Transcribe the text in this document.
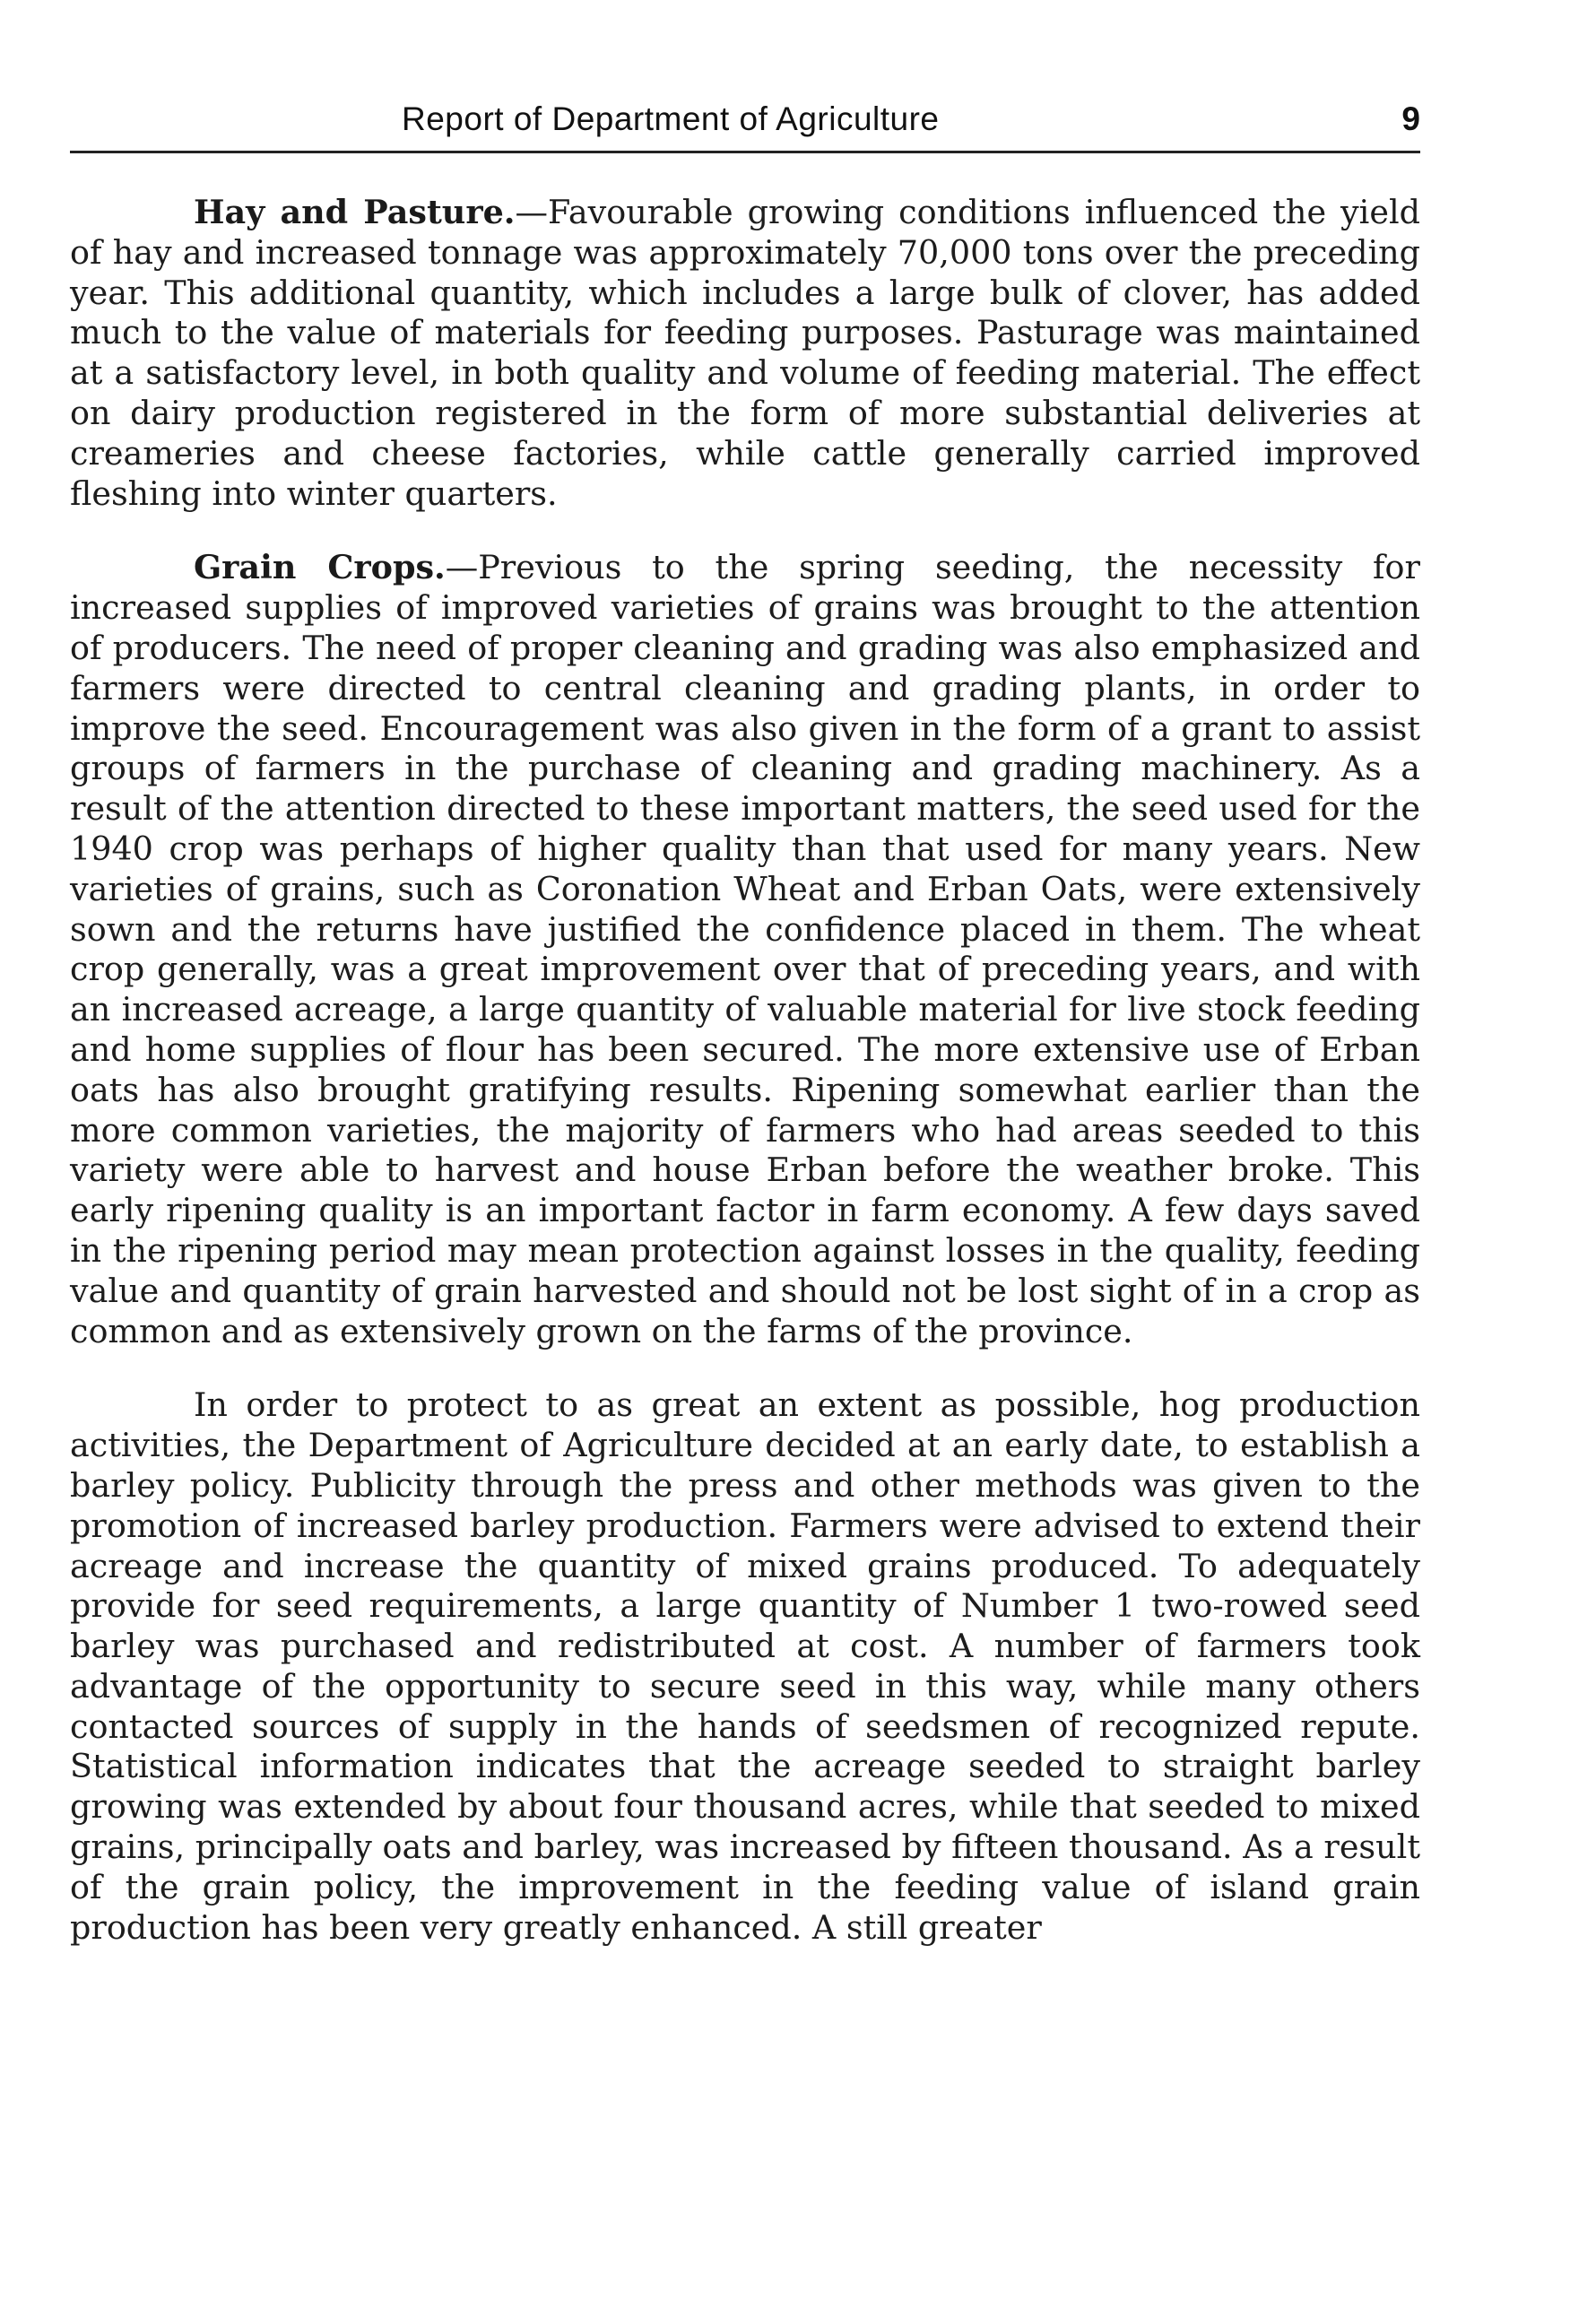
Report of Department of Agriculture	9

Hay and Pasture.—Favourable growing conditions influenced the yield of hay and increased tonnage was approximately 70,000 tons over the preceding year. This additional quantity, which includes a large bulk of clover, has added much to the value of materials for feeding purposes. Pasturage was maintained at a satisfactory level, in both quality and volume of feeding material. The effect on dairy production registered in the form of more substantial deliveries at creameries and cheese factories, while cattle generally carried improved fleshing into winter quarters.

Grain Crops.—Previous to the spring seeding, the necessity for increased supplies of improved varieties of grains was brought to the attention of producers. The need of proper cleaning and grading was also emphasized and farmers were directed to central cleaning and grading plants, in order to improve the seed. Encouragement was also given in the form of a grant to assist groups of farmers in the purchase of cleaning and grading machinery. As a result of the attention directed to these important matters, the seed used for the 1940 crop was perhaps of higher quality than that used for many years. New varieties of grains, such as Coronation Wheat and Erban Oats, were extensively sown and the returns have justified the confidence placed in them. The wheat crop generally, was a great improvement over that of preceding years, and with an increased acreage, a large quantity of valuable material for live stock feeding and home supplies of flour has been secured. The more extensive use of Erban oats has also brought gratifying results. Ripening somewhat earlier than the more common varieties, the majority of farmers who had areas seeded to this variety were able to harvest and house Erban before the weather broke. This early ripening quality is an important factor in farm economy. A few days saved in the ripening period may mean protection against losses in the quality, feeding value and quantity of grain harvested and should not be lost sight of in a crop as common and as extensively grown on the farms of the province.

In order to protect to as great an extent as possible, hog production activities, the Department of Agriculture decided at an early date, to establish a barley policy. Publicity through the press and other methods was given to the promotion of increased barley production. Farmers were advised to extend their acreage and increase the quantity of mixed grains produced. To adequately provide for seed requirements, a large quantity of Number 1 two-rowed seed barley was purchased and redistributed at cost. A number of farmers took advantage of the opportunity to secure seed in this way, while many others contacted sources of supply in the hands of seedsmen of recognized repute. Statistical information indicates that the acreage seeded to straight barley growing was extended by about four thousand acres, while that seeded to mixed grains, principally oats and barley, was increased by fifteen thousand. As a result of the grain policy, the improvement in the feeding value of island grain production has been very greatly enhanced. A still greater
